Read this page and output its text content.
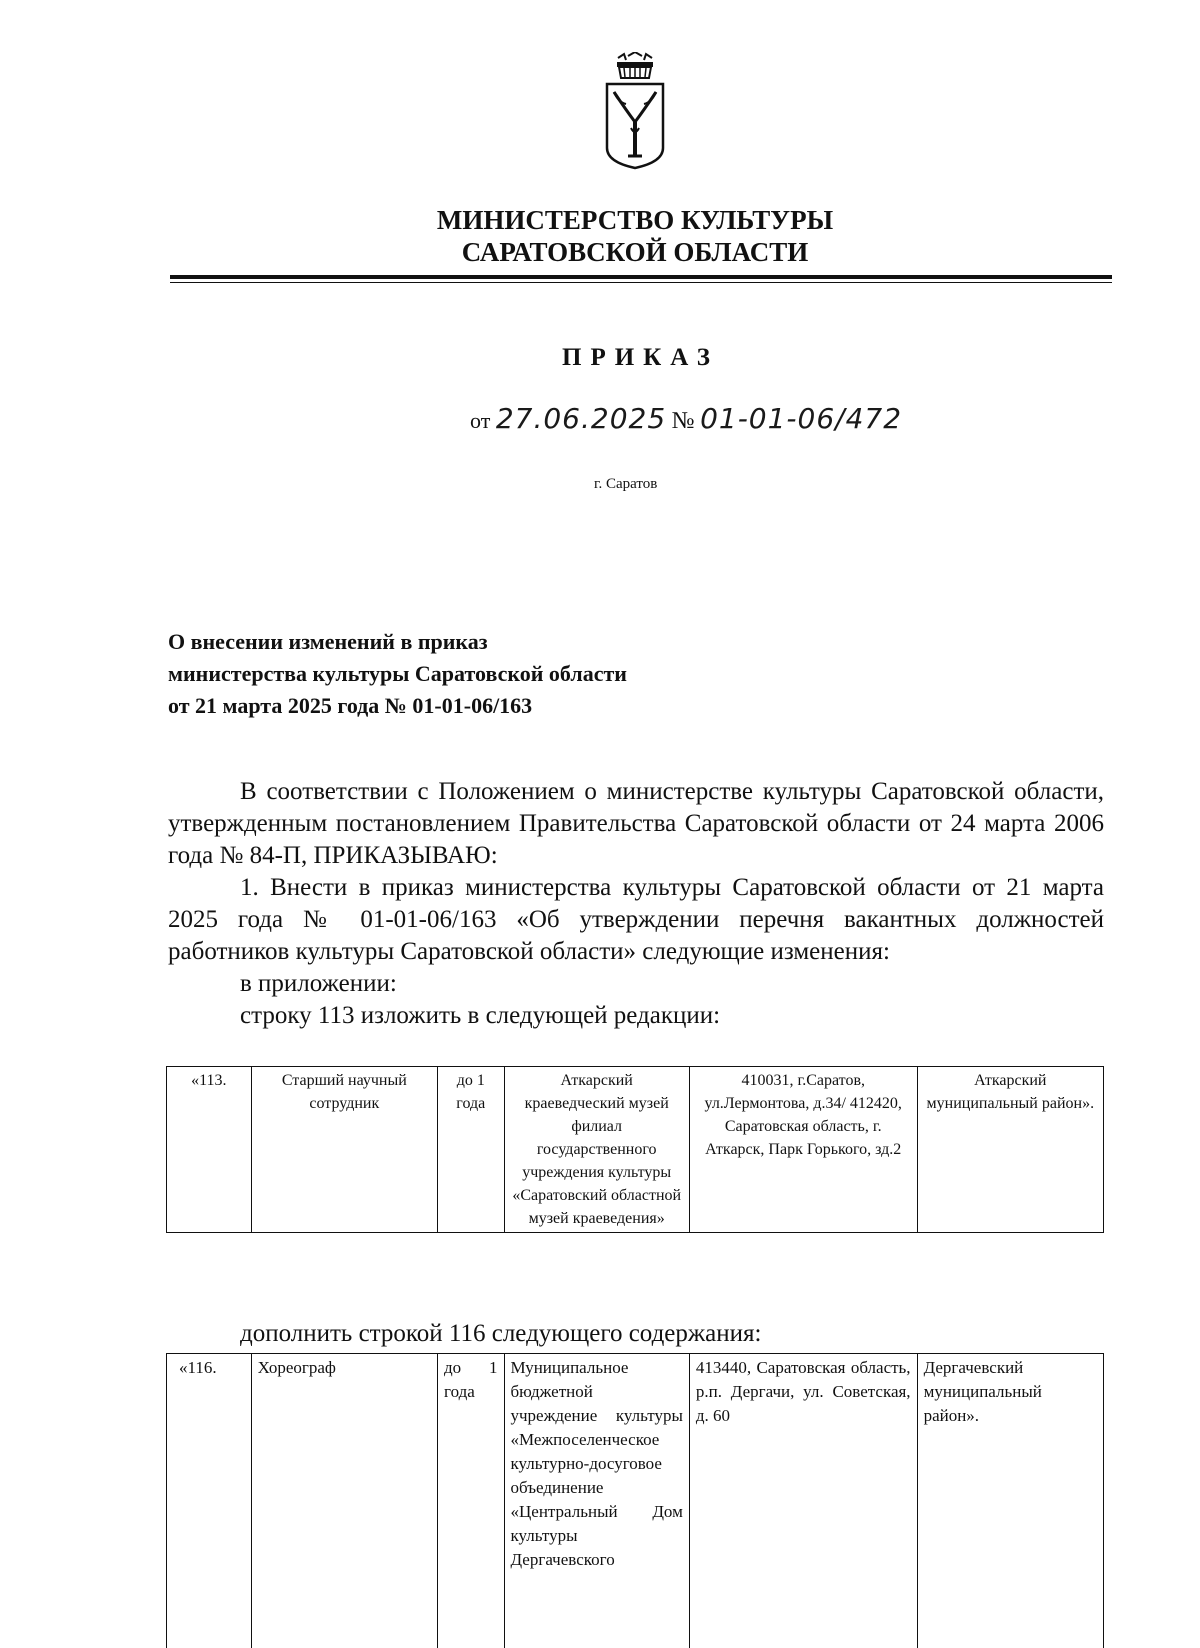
МИНИСТЕРСТВО КУЛЬТУРЫ
САРАТОВСКОЙ ОБЛАСТИ
ПРИКАЗ
от 27.06.2025 № 01-01-06/472
г. Саратов
О внесении изменений в приказ
министерства культуры Саратовской области
от 21 марта 2025 года № 01-01-06/163

В соответствии с Положением о министерстве культуры Саратовской области, утвержденным постановлением Правительства Саратовской области от 24 марта 2006 года № 84-П, ПРИКАЗЫВАЮ:

1. Внести в приказ министерства культуры Саратовской области от 21 марта 2025 года № 01-01-06/163 «Об утверждении перечня вакантных должностей работников культуры Саратовской области» следующие изменения:

в приложении:

строку 113 изложить в следующей редакции:

«113.	Старший научный сотрудник	до 1 года	Аткарский краеведческий музей филиал государственного учреждения культуры «Саратовский областной музей краеведения»	410031, г.Саратов, ул.Лермонтова, д.34/ 412420, Саратовская область, г. Аткарск, Парк Горького, зд.2	Аткарский муниципальный район».

дополнить строкой 116 следующего содержания:

«116.	Хореограф	до 1 года	Муниципальное бюджетной учреждение культуры «Межпоселенческое культурно-досуговое объединение «Центральный Дом культуры Дергачевского	413440, Саратовская область, р.п. Дергачи, ул. Советская, д. 60	Дергачевский муниципальный район».
